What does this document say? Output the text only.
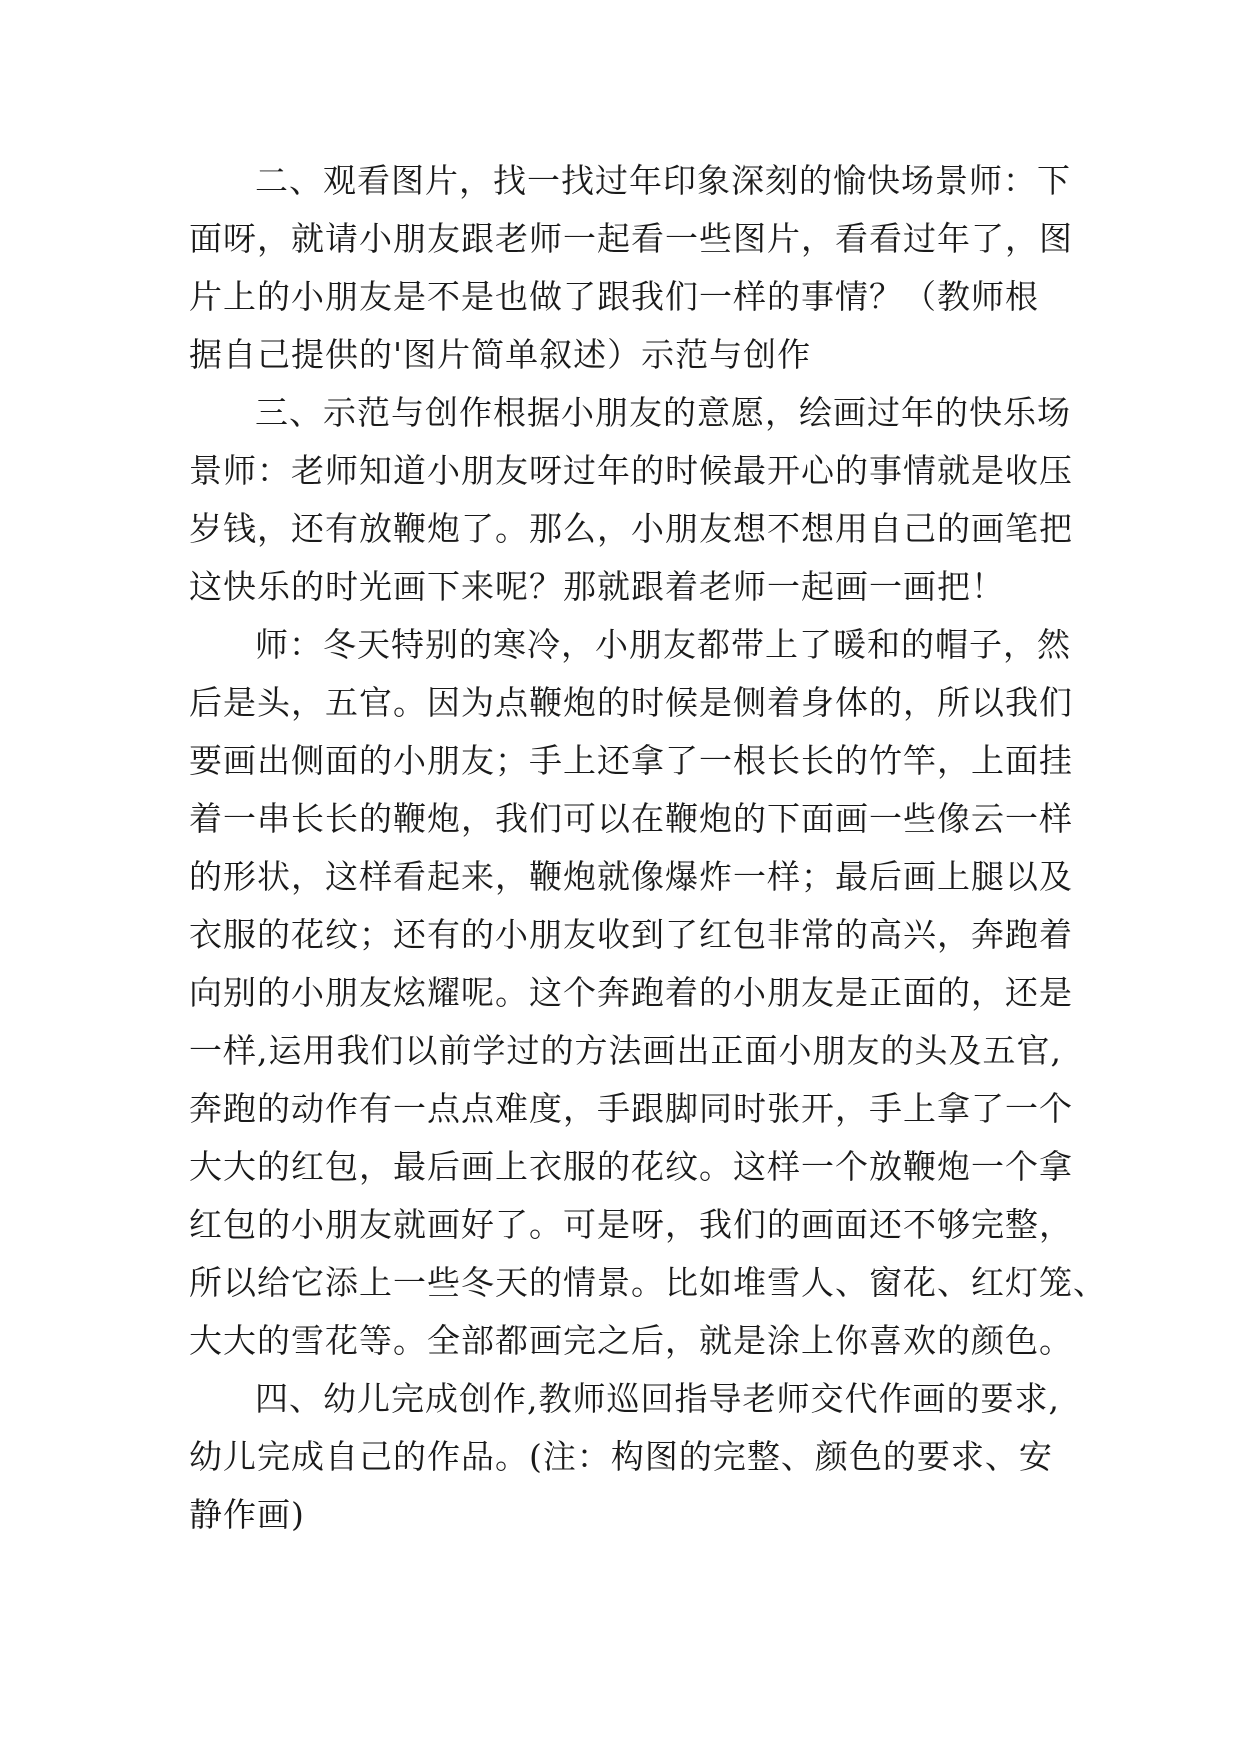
二、观看图片，找一找过年印象深刻的愉快场景师：下
面呀，就请小朋友跟老师一起看一些图片，看看过年了，图
片上的小朋友是不是也做了跟我们一样的事情？（教师根
据自己提供的'图片简单叙述）示范与创作
三、示范与创作根据小朋友的意愿，绘画过年的快乐场
景师：老师知道小朋友呀过年的时候最开心的事情就是收压
岁钱，还有放鞭炮了。那么，小朋友想不想用自己的画笔把
这快乐的时光画下来呢？那就跟着老师一起画一画把！
师：冬天特别的寒冷，小朋友都带上了暖和的帽子，然
后是头，五官。因为点鞭炮的时候是侧着身体的，所以我们
要画出侧面的小朋友；手上还拿了一根长长的竹竿，上面挂
着一串长长的鞭炮，我们可以在鞭炮的下面画一些像云一样
的形状，这样看起来，鞭炮就像爆炸一样；最后画上腿以及
衣服的花纹；还有的小朋友收到了红包非常的高兴，奔跑着
向别的小朋友炫耀呢。这个奔跑着的小朋友是正面的，还是
一样,运用我们以前学过的方法画出正面小朋友的头及五官,
奔跑的动作有一点点难度，手跟脚同时张开，手上拿了一个
大大的红包，最后画上衣服的花纹。这样一个放鞭炮一个拿
红包的小朋友就画好了。可是呀，我们的画面还不够完整，
所以给它添上一些冬天的情景。比如堆雪人、窗花、红灯笼、
大大的雪花等。全部都画完之后，就是涂上你喜欢的颜色。
四、幼儿完成创作,教师巡回指导老师交代作画的要求,
幼儿完成自己的作品。(注：构图的完整、颜色的要求、安
静作画)
